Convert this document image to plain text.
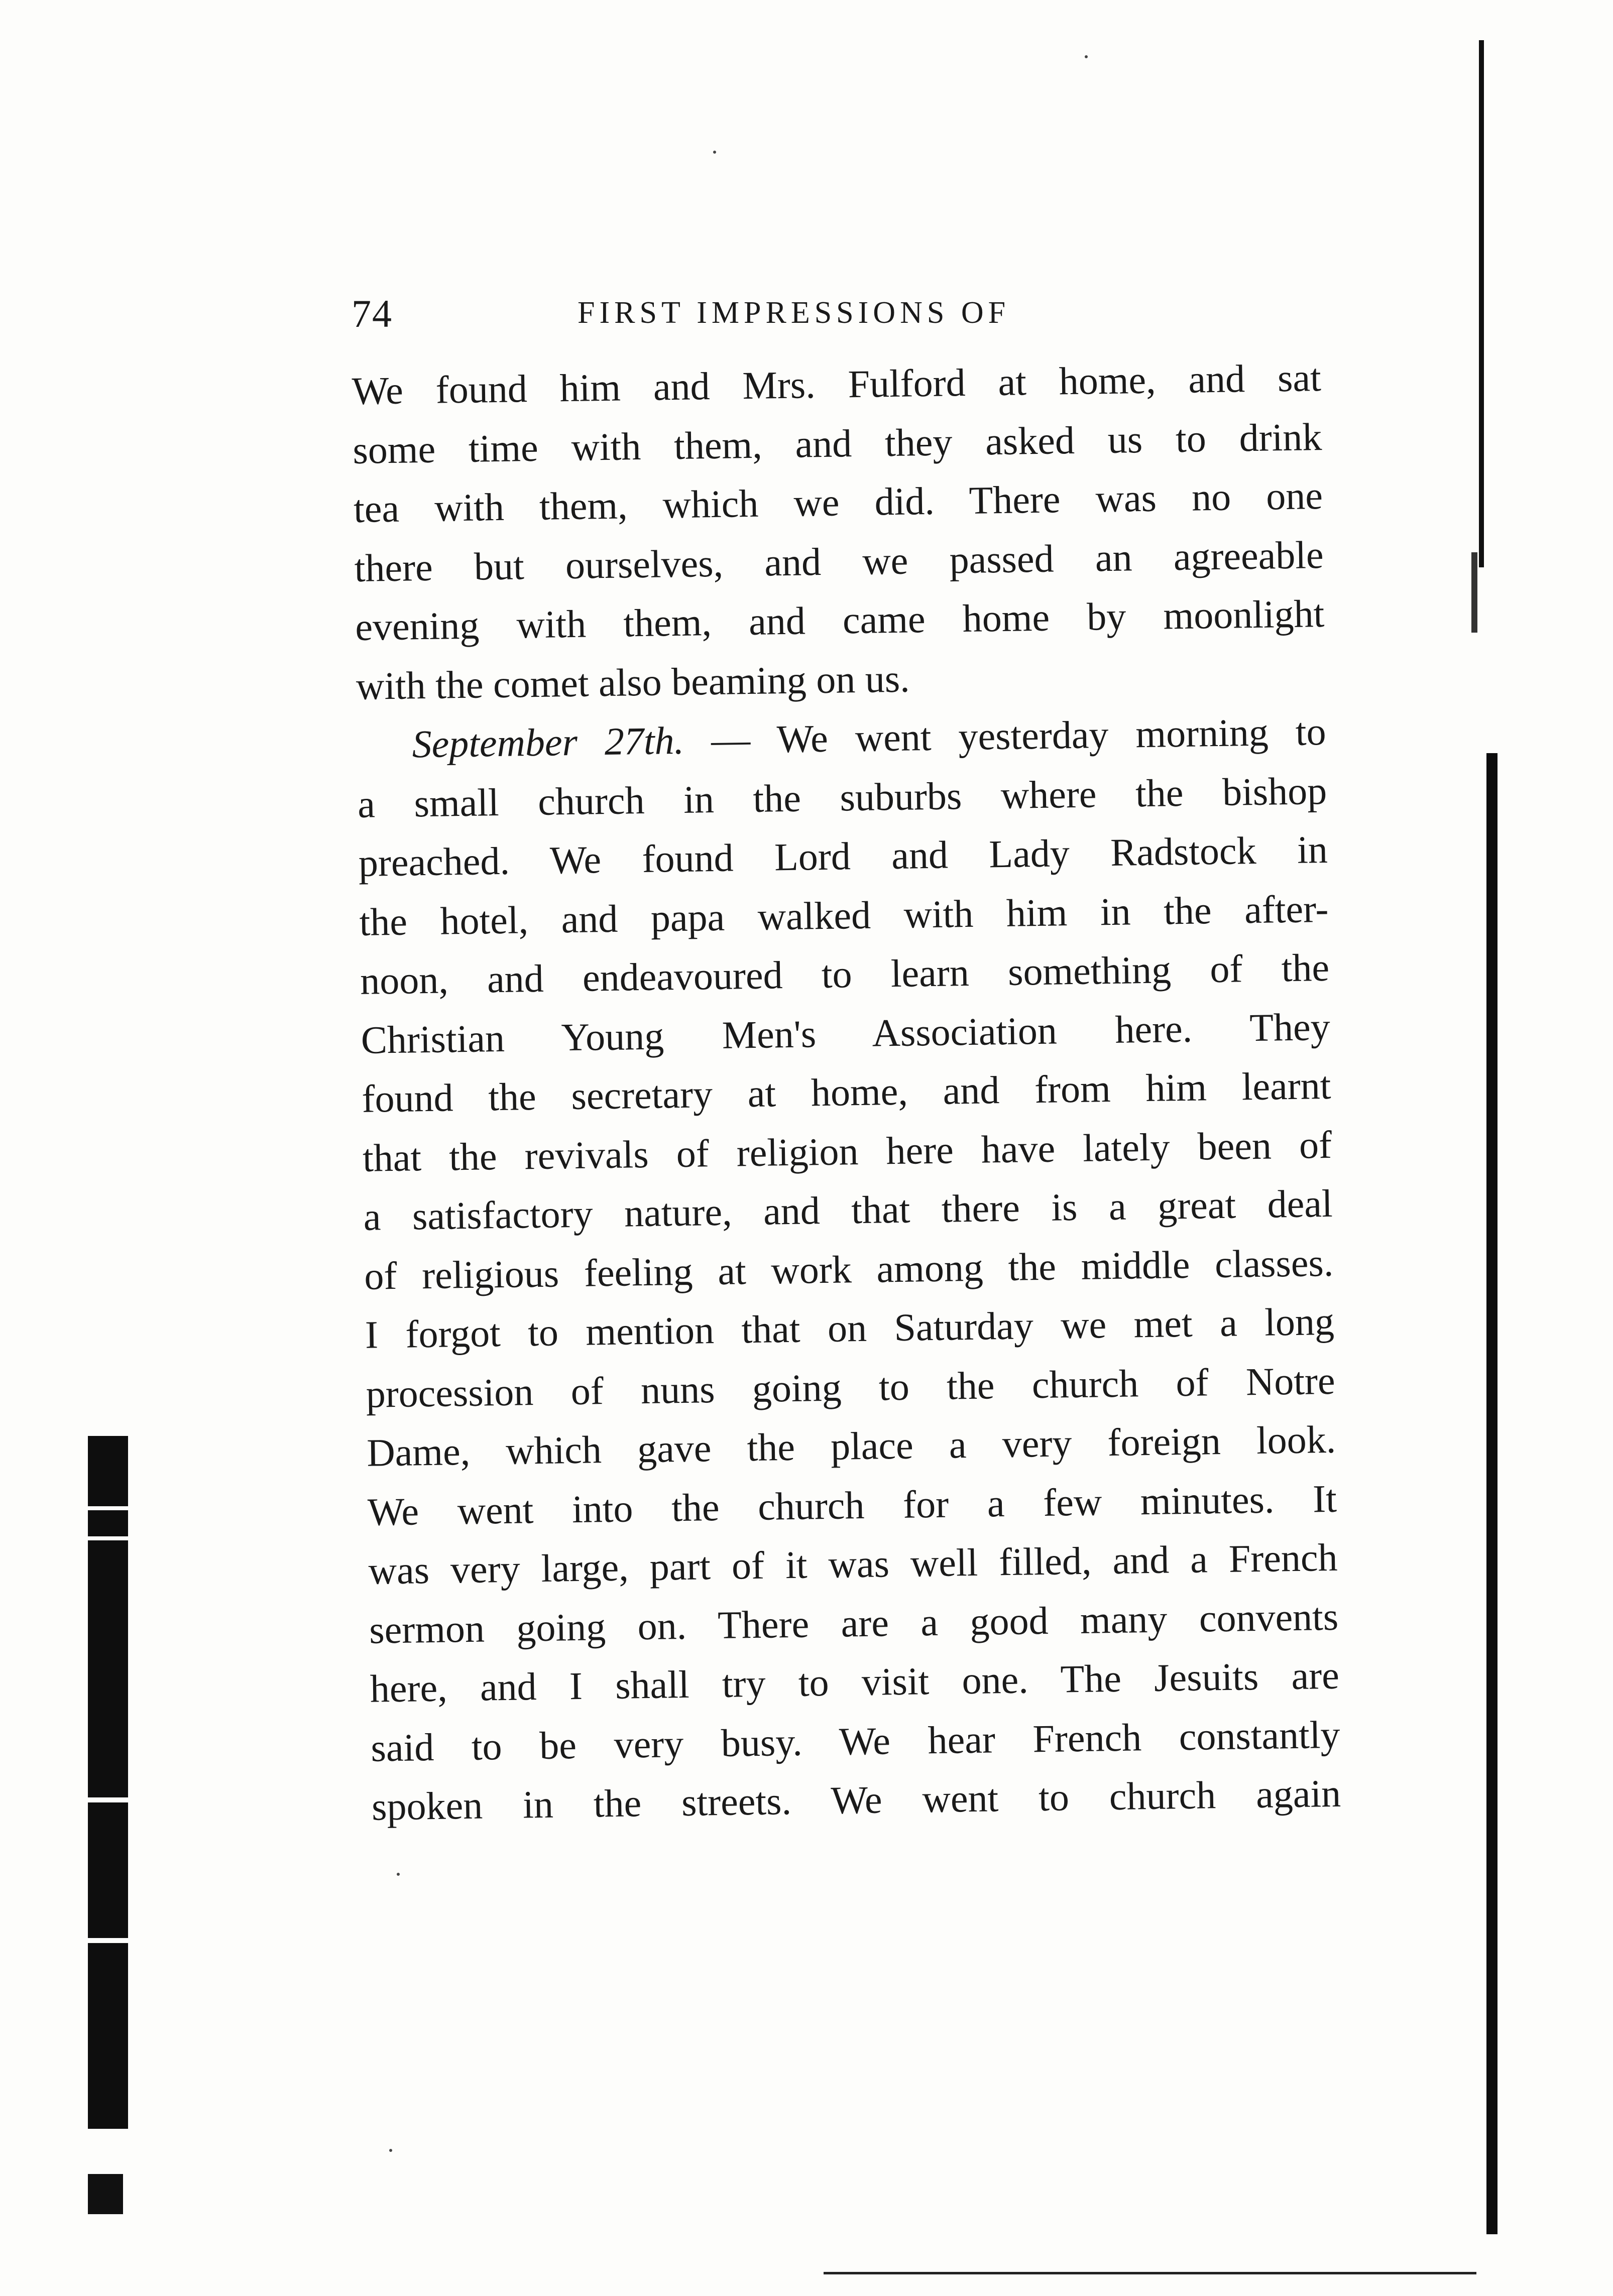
74	FIRST IMPRESSIONS OF
We found him and Mrs. Fulford at home, and sat
some time with them, and they asked us to drink
tea with them, which we did. There was no one
there but ourselves, and we passed an agreeable
evening with them, and came home by moonlight
with the comet also beaming on us.
September 27th. — We went yesterday morning to
a small church in the suburbs where the bishop
preached. We found Lord and Lady Radstock in
the hotel, and papa walked with him in the after-
noon, and endeavoured to learn something of the
Christian Young Men's Association here. They
found the secretary at home, and from him learnt
that the revivals of religion here have lately been of
a satisfactory nature, and that there is a great deal
of religious feeling at work among the middle classes.
I forgot to mention that on Saturday we met a long
procession of nuns going to the church of Notre
Dame, which gave the place a very foreign look.
We went into the church for a few minutes. It
was very large, part of it was well filled, and a French
sermon going on. There are a good many convents
here, and I shall try to visit one. The Jesuits are
said to be very busy. We hear French constantly
spoken in the streets. We went to church again
